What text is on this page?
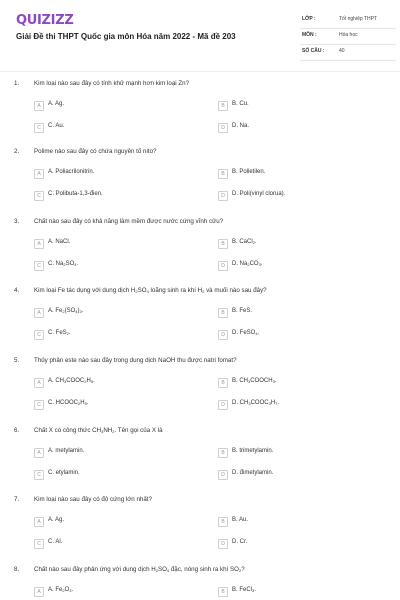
QUIZIZZ
Giải Đề thi THPT Quốc gia môn Hóa năm 2022 - Mã đề 203
LỚP :	Tốt nghiệp THPT
MÔN :	Hóa học
SỐ CÂU :	40
1. Kim loại nào sau đây có tính khử mạnh hơn kim loại Zn?
A	A. Ag.	B	B. Cu.
C	C. Au.	D	D. Na.
2. Polime nào sau đây có chứa nguyên tố nito?
A	A. Poliacrilonitrin.	B	B. Polietilen.
C	C. Polibuta-1,3-đien.	D	D. Poli(vinyl clorua).
3. Chất nào sau đây có khả năng làm mềm được nước cứng vĩnh cửu?
A	A. NaCl.	B	B. CaCl$_2$.
C	C. $Na_2SO_4$.	D	D. $Na_2CO_3$.
4. Kim loại Fe tác dụng với dung dịch $H_2SO_4$ loãng sinh ra khí $H_2$ và muối nào sau đây?
A	A. $Fe_2(SO_4)_3$.	B	B. FeS.
C	C. FeS$_2$.	D	D. FeSO$_4$.
5. Thủy phân este nào sau đây trong dung dịch NaOH thu được natri fomat?
A	A. $CH_3COOC_2H_5$.	B	B. $CH_3COOCH_3$.
C	C. $HCOOC_2H_5$.	D	D. $CH_3COOC_3H_7$.
6. Chất X có công thức $CH_3NH_2$. Tên gọi của X là
A	A. metylamin.	B	B. trimetylamin.
C	C. etylamin.	D	D. đimetylamin.
7. Kim loại nào sau đây có độ cứng lớn nhất?
A	A. Ag.	B	B. Au.
C	C. Al.	D	D. Cr.
8. Chất nào sau đây phản ứng với dung dịch $H_2SO_4$ đặc, nóng sinh ra khí $SO_2$?
A	A. $Fe_2O_3$.	B	B. FeCl$_3$.
